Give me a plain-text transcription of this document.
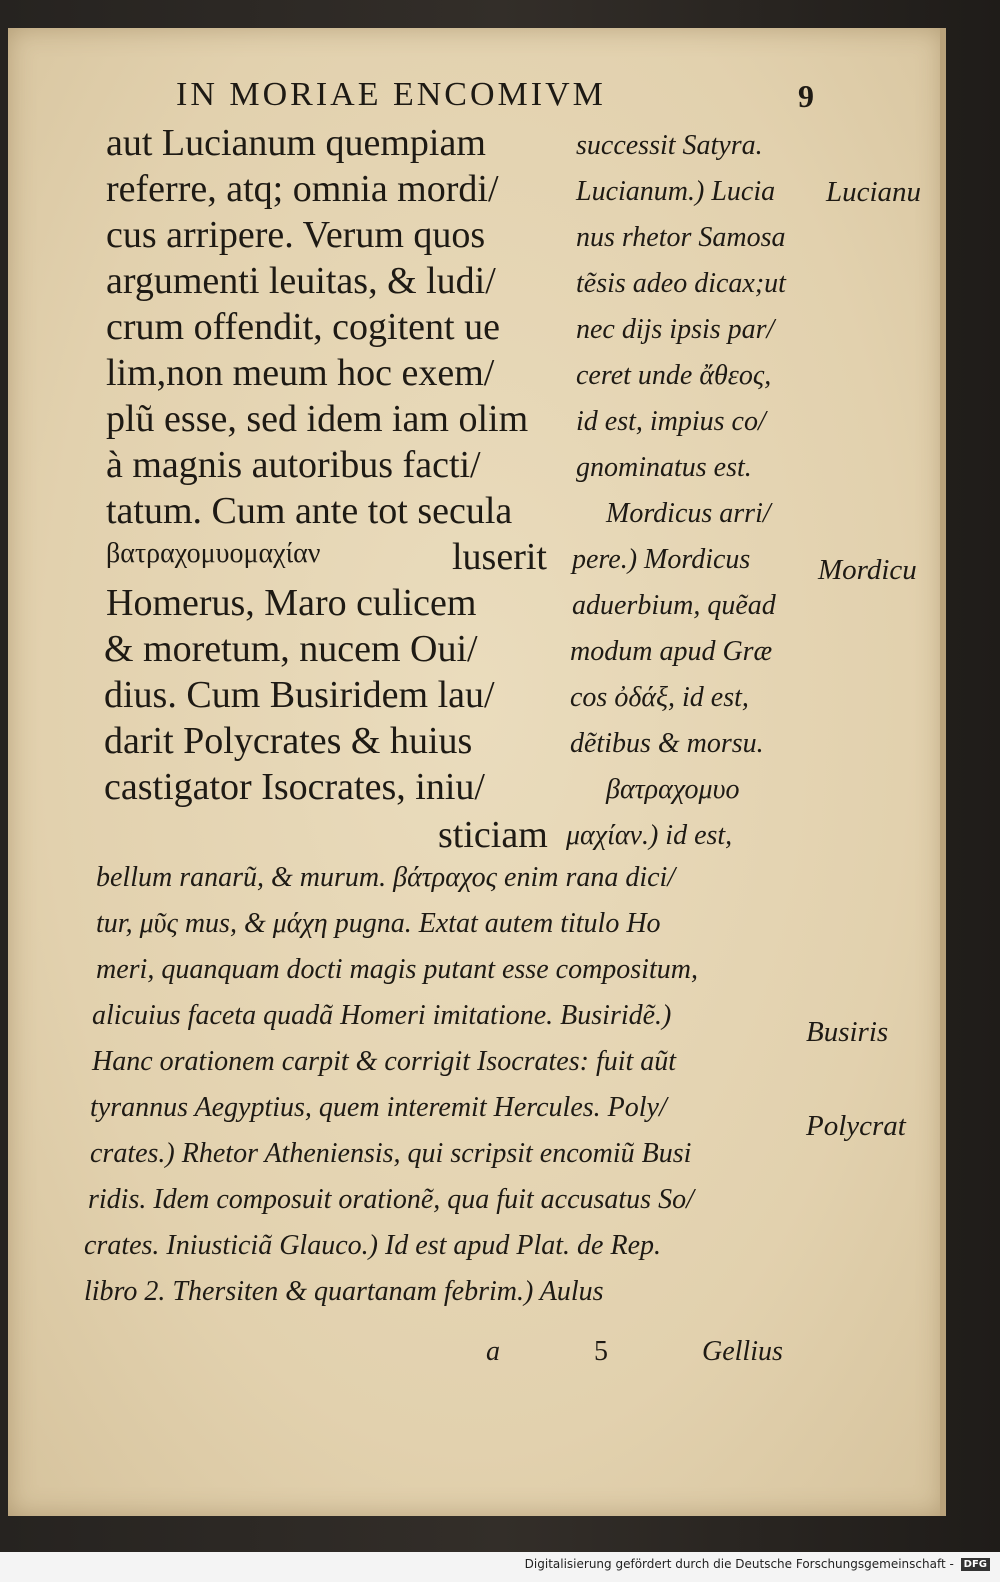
IN MORIAE ENCOMIVM	9
aut Lucianum quempiam
referre, atq; omnia mordi/
cus arripere. Verum quos
argumenti leuitas, & ludi/
crum offendit, cogitent ue
lim,non meum hoc exem/
plũ esse, sed idem iam olim
à magnis autoribus facti/
tatum. Cum ante tot secula
βατραχομυομαχίαν	luserit
Homerus, Maro culicem
& moretum, nucem Oui/
dius. Cum Busiridem lau/
darit Polycrates & huius
castigator Isocrates, iniu/
sticiam
successit Satyra.
Lucianum.) Lucia
nus rhetor Samosa
tẽsis adeo dicax;ut
nec dijs ipsis par/
ceret unde ἄθεος,
id est, impius co/
gnominatus est.
Mordicus arri/
pere.) Mordicus
aduerbium, quẽad
modum apud Græ
cos ὀδάξ, id est,
dẽtibus & morsu.
βατραχομυο
μαχίαν.) id est,
bellum ranarũ, & murum. βάτραχος enim rana dici/
tur, μῦς mus, & μάχη pugna. Extat autem titulo Ho
meri, quanquam docti magis putant esse compositum,
alicuius faceta quadã Homeri imitatione. Busiridẽ.)
Hanc orationem carpit & corrigit Isocrates: fuit aũt
tyrannus Aegyptius, quem interemit Hercules. Poly/
crates.) Rhetor Atheniensis, qui scripsit encomiũ Busi
ridis. Idem composuit orationẽ, qua fuit accusatus So/
crates. Iniusticiã Glauco.) Id est apud Plat. de Rep.
libro 2. Thersiten & quartanam febrim.) Aulus
Lucianu
Mordicu
Busiris
Polycrat
a	5	Gellius
Digitalisierung gefördert durch die Deutsche Forschungsgemeinschaft - DFG
